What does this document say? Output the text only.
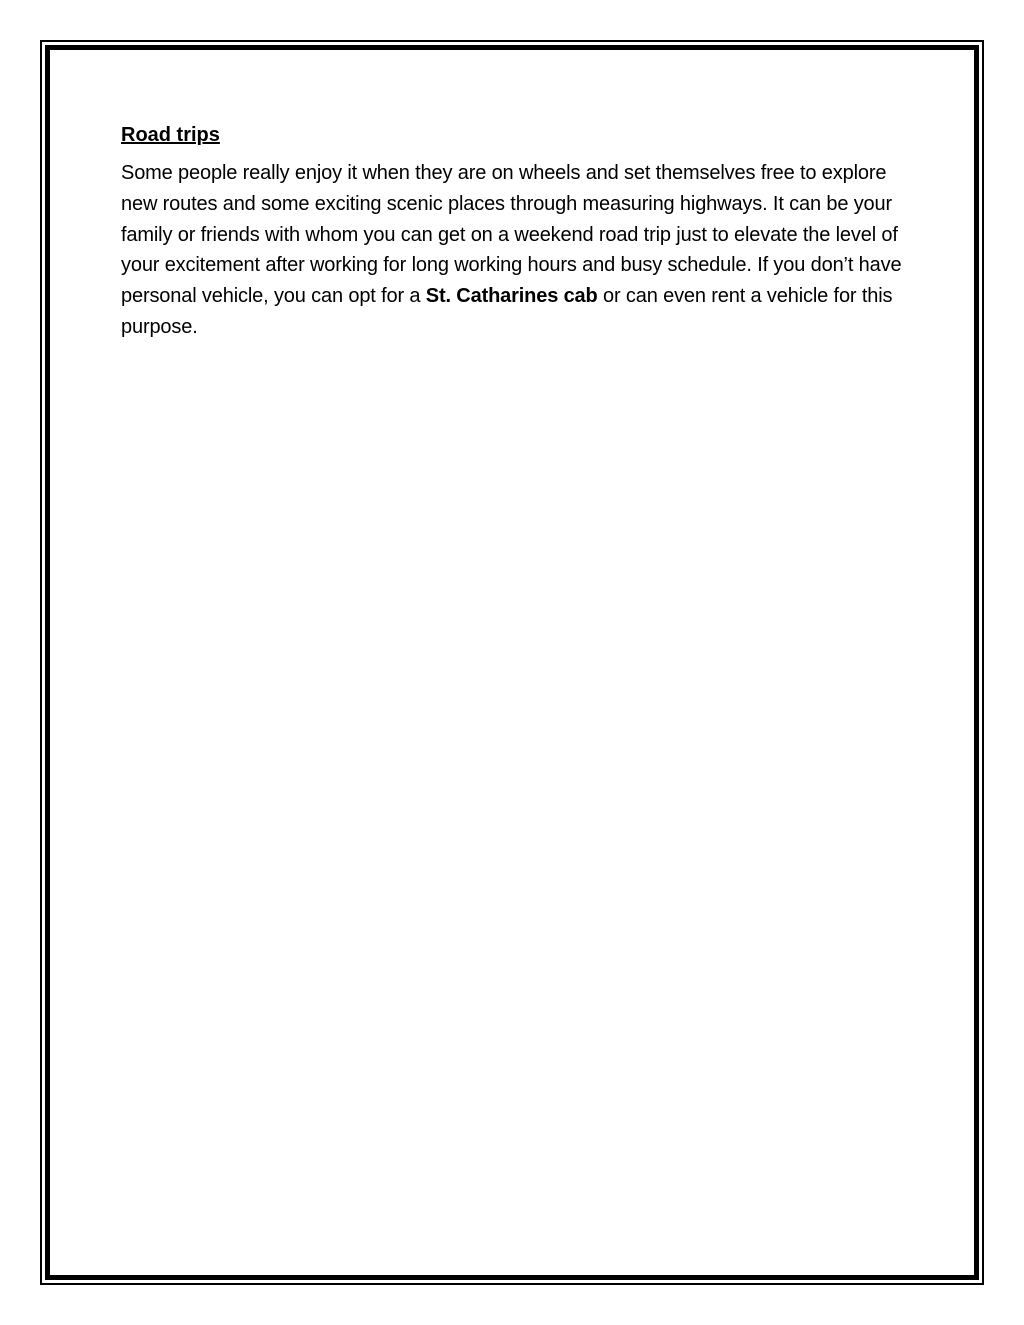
Road trips

Some people really enjoy it when they are on wheels and set themselves free to explore new routes and some exciting scenic places through measuring highways. It can be your family or friends with whom you can get on a weekend road trip just to elevate the level of your excitement after working for long working hours and busy schedule. If you don’t have personal vehicle, you can opt for a St. Catharines cab or can even rent a vehicle for this purpose.
